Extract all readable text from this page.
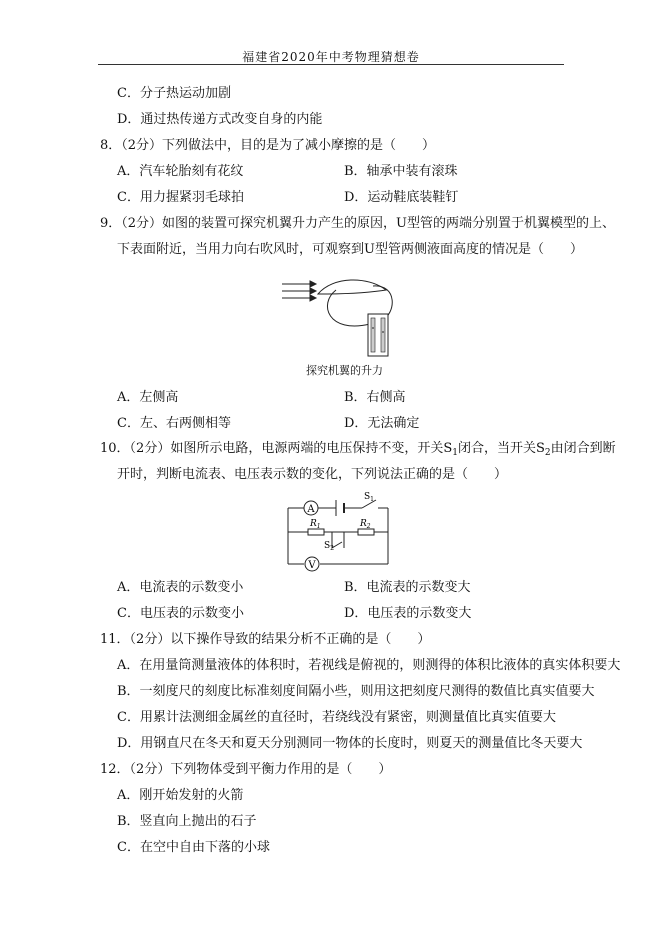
福建省2020年中考物理猜想卷
C．分子热运动加剧
D．通过热传递方式改变自身的内能
8．（2分）下列做法中，目的是为了减小摩擦的是（　　）
A．汽车轮胎刻有花纹	B．轴承中装有滚珠
C．用力握紧羽毛球拍	D．运动鞋底装鞋钉
9．（2分）如图的装置可探究机翼升力产生的原因，U型管的两端分别置于机翼模型的上、
下表面附近，当用力向右吹风时，可观察到U型管两侧液面高度的情况是（　　）
探究机翼的升力
A．左侧高	B．右侧高
C．左、右两侧相等	D．无法确定
10．（2分）如图所示电路，电源两端的电压保持不变，开关$S_1$闭合，当开关$S_2$由闭合到断
开时，判断电流表、电压表示数的变化，下列说法正确的是（　　）
A
$S_1$
$R_1$	$R_2$
$S_2$
V
A．电流表的示数变小	B．电流表的示数变大
C．电压表的示数变小	D．电压表的示数变大
11．（2分）以下操作导致的结果分析不正确的是（　　）
A．在用量筒测量液体的体积时，若视线是俯视的，则测得的体积比液体的真实体积要大
B．一刻度尺的刻度比标准刻度间隔小些，则用这把刻度尺测得的数值比真实值要大
C．用累计法测细金属丝的直径时，若绕线没有紧密，则测量值比真实值要大
D．用钢直尺在冬天和夏天分别测同一物体的长度时，则夏天的测量值比冬天要大
12．（2分）下列物体受到平衡力作用的是（　　）
A．刚开始发射的火箭
B．竖直向上抛出的石子
C．在空中自由下落的小球
